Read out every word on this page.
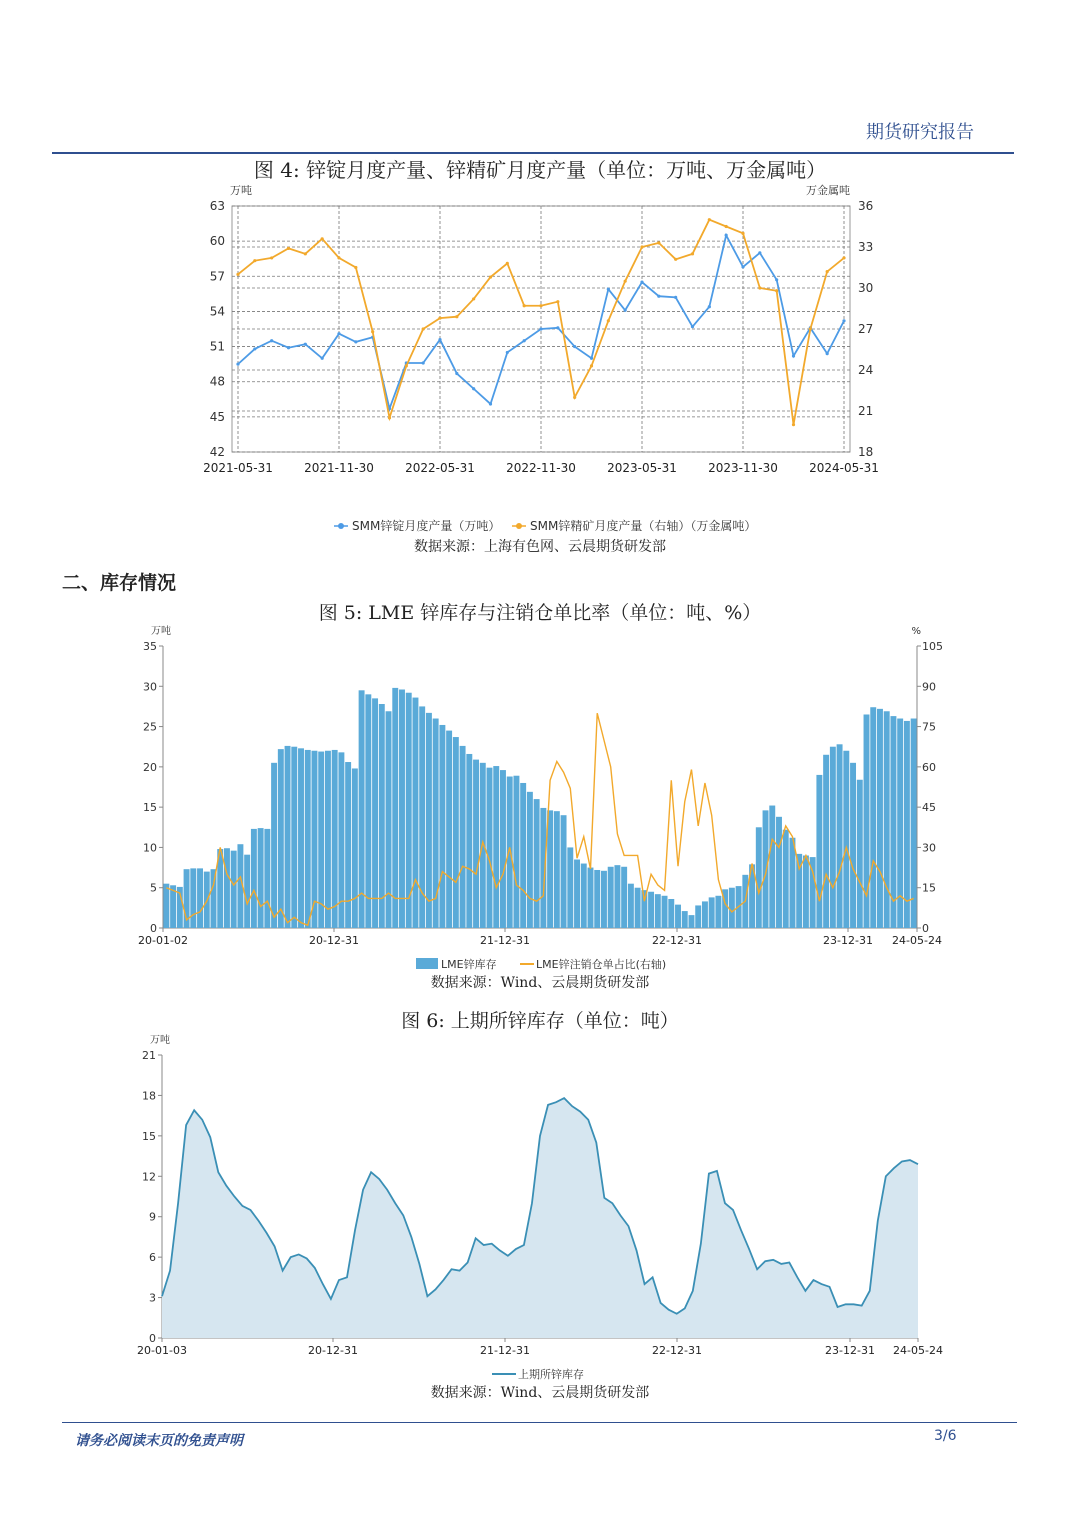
期货研究报告
图 4: 锌锭月度产量、锌精矿月度产量（单位：万吨、万金属吨）
42
45
48
51
54
57
60
63
18
21
24
27
30
33
36
2021-05-31	2021-11-30	2022-05-31	2022-11-30	2023-05-31	2023-11-30	2024-05-31
万吨	万金属吨
SMM锌锭月度产量（万吨） SMM锌精矿月度产量（右轴）（万金属吨）
数据来源：上海有色网、云晨期货研发部
二、库存情况
图 5: LME 锌库存与注销仓单比率（单位：吨、%）
0
5
10
15
20
25
30
35
0
15
30
45
60
75
90
105
万吨	%
20-01-02	20-12-31	21-12-31	22-12-31	23-12-31 24-05-24
LME锌库存	LME锌注销仓单占比(右轴)
数据来源：Wind、云晨期货研发部
图 6: 上期所锌库存（单位：吨）
0
3
6
9
12
15
18
21
万吨
20-01-03	20-12-31	21-12-31	22-12-31	23-12-31 24-05-24
上期所锌库存
数据来源：Wind、云晨期货研发部
请务必阅读末页的免责声明	3/6
